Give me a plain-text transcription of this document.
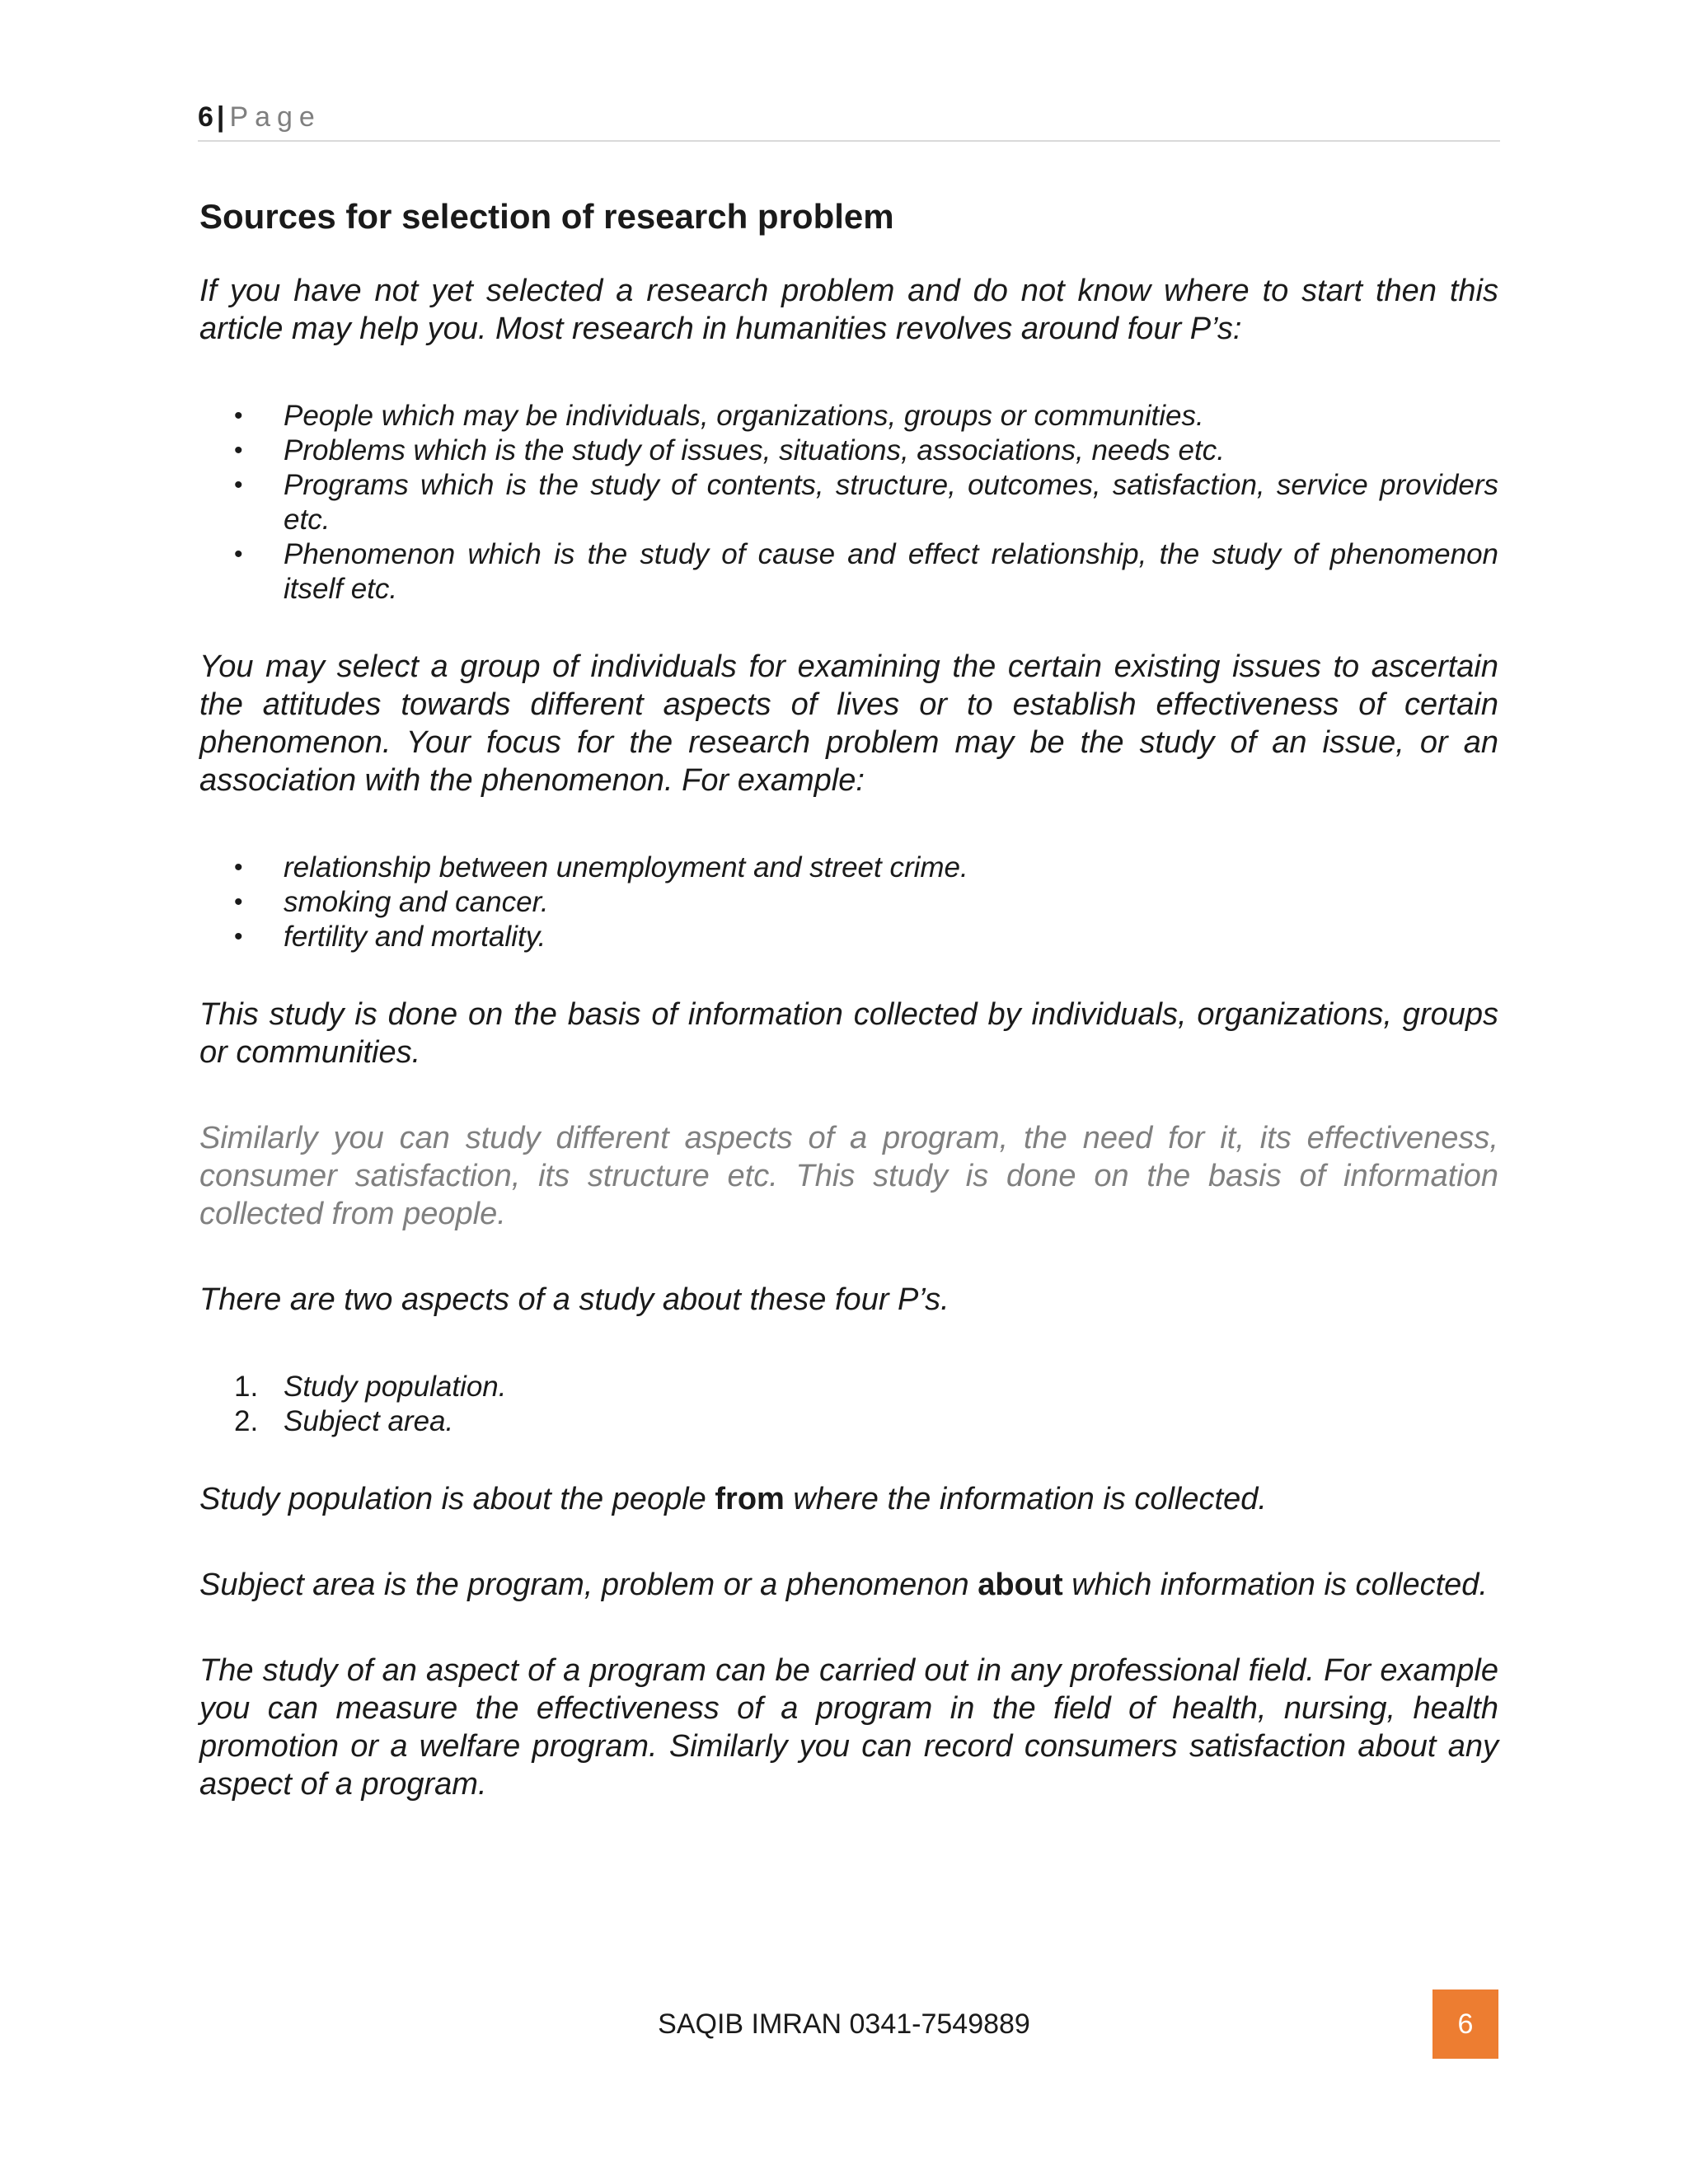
6 | Page
Sources for selection of research problem

If you have not yet selected a research problem and do not know where to start then this article may help you. Most research in humanities revolves around four P’s:

• People which may be individuals, organizations, groups or communities.
• Problems which is the study of issues, situations, associations, needs etc.
• Programs which is the study of contents, structure, outcomes, satisfaction, service providers etc.
• Phenomenon which is the study of cause and effect relationship, the study of phenomenon itself etc.

You may select a group of individuals for examining the certain existing issues to ascertain the attitudes towards different aspects of lives or to establish effectiveness of certain phenomenon. Your focus for the research problem may be the study of an issue, or an association with the phenomenon. For example:

• relationship between unemployment and street crime.
• smoking and cancer.
• fertility and mortality.

This study is done on the basis of information collected by individuals, organizations, groups or communities.

Similarly you can study different aspects of a program, the need for it, its effectiveness, consumer satisfaction, its structure etc. This study is done on the basis of information collected from people.

There are two aspects of a study about these four P’s.

1. Study population.
2. Subject area.

Study population is about the people from where the information is collected.

Subject area is the program, problem or a phenomenon about which information is collected.

The study of an aspect of a program can be carried out in any professional field. For example you can measure the effectiveness of a program in the field of health, nursing, health promotion or a welfare program. Similarly you can record consumers satisfaction about any aspect of a program.

SAQIB IMRAN 0341-7549889	6
